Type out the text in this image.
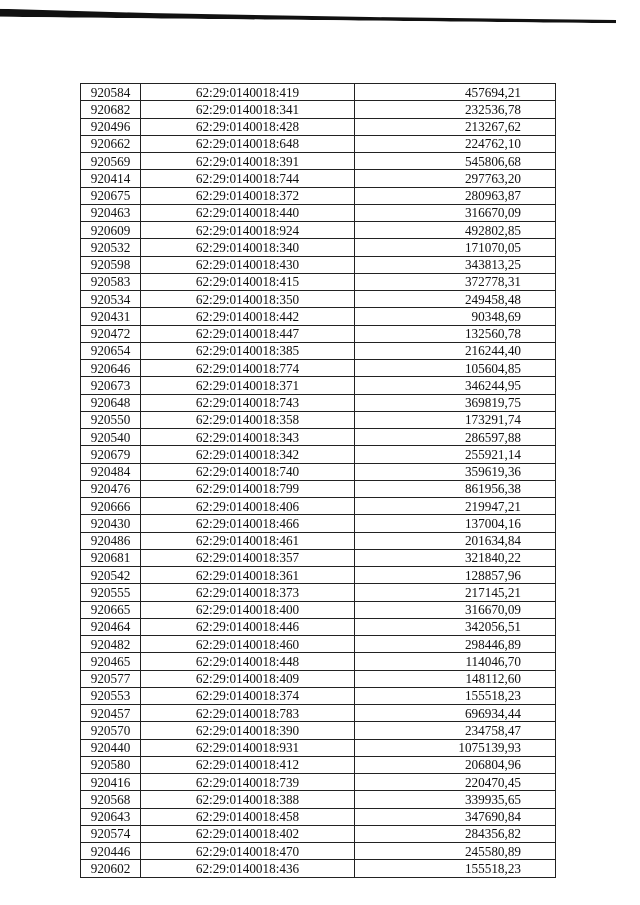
920584	62:29:0140018:419	457694,21
920682	62:29:0140018:341	232536,78
920496	62:29:0140018:428	213267,62
920662	62:29:0140018:648	224762,10
920569	62:29:0140018:391	545806,68
920414	62:29:0140018:744	297763,20
920675	62:29:0140018:372	280963,87
920463	62:29:0140018:440	316670,09
920609	62:29:0140018:924	492802,85
920532	62:29:0140018:340	171070,05
920598	62:29:0140018:430	343813,25
920583	62:29:0140018:415	372778,31
920534	62:29:0140018:350	249458,48
920431	62:29:0140018:442	90348,69
920472	62:29:0140018:447	132560,78
920654	62:29:0140018:385	216244,40
920646	62:29:0140018:774	105604,85
920673	62:29:0140018:371	346244,95
920648	62:29:0140018:743	369819,75
920550	62:29:0140018:358	173291,74
920540	62:29:0140018:343	286597,88
920679	62:29:0140018:342	255921,14
920484	62:29:0140018:740	359619,36
920476	62:29:0140018:799	861956,38
920666	62:29:0140018:406	219947,21
920430	62:29:0140018:466	137004,16
920486	62:29:0140018:461	201634,84
920681	62:29:0140018:357	321840,22
920542	62:29:0140018:361	128857,96
920555	62:29:0140018:373	217145,21
920665	62:29:0140018:400	316670,09
920464	62:29:0140018:446	342056,51
920482	62:29:0140018:460	298446,89
920465	62:29:0140018:448	114046,70
920577	62:29:0140018:409	148112,60
920553	62:29:0140018:374	155518,23
920457	62:29:0140018:783	696934,44
920570	62:29:0140018:390	234758,47
920440	62:29:0140018:931	1075139,93
920580	62:29:0140018:412	206804,96
920416	62:29:0140018:739	220470,45
920568	62:29:0140018:388	339935,65
920643	62:29:0140018:458	347690,84
920574	62:29:0140018:402	284356,82
920446	62:29:0140018:470	245580,89
920602	62:29:0140018:436	155518,23
